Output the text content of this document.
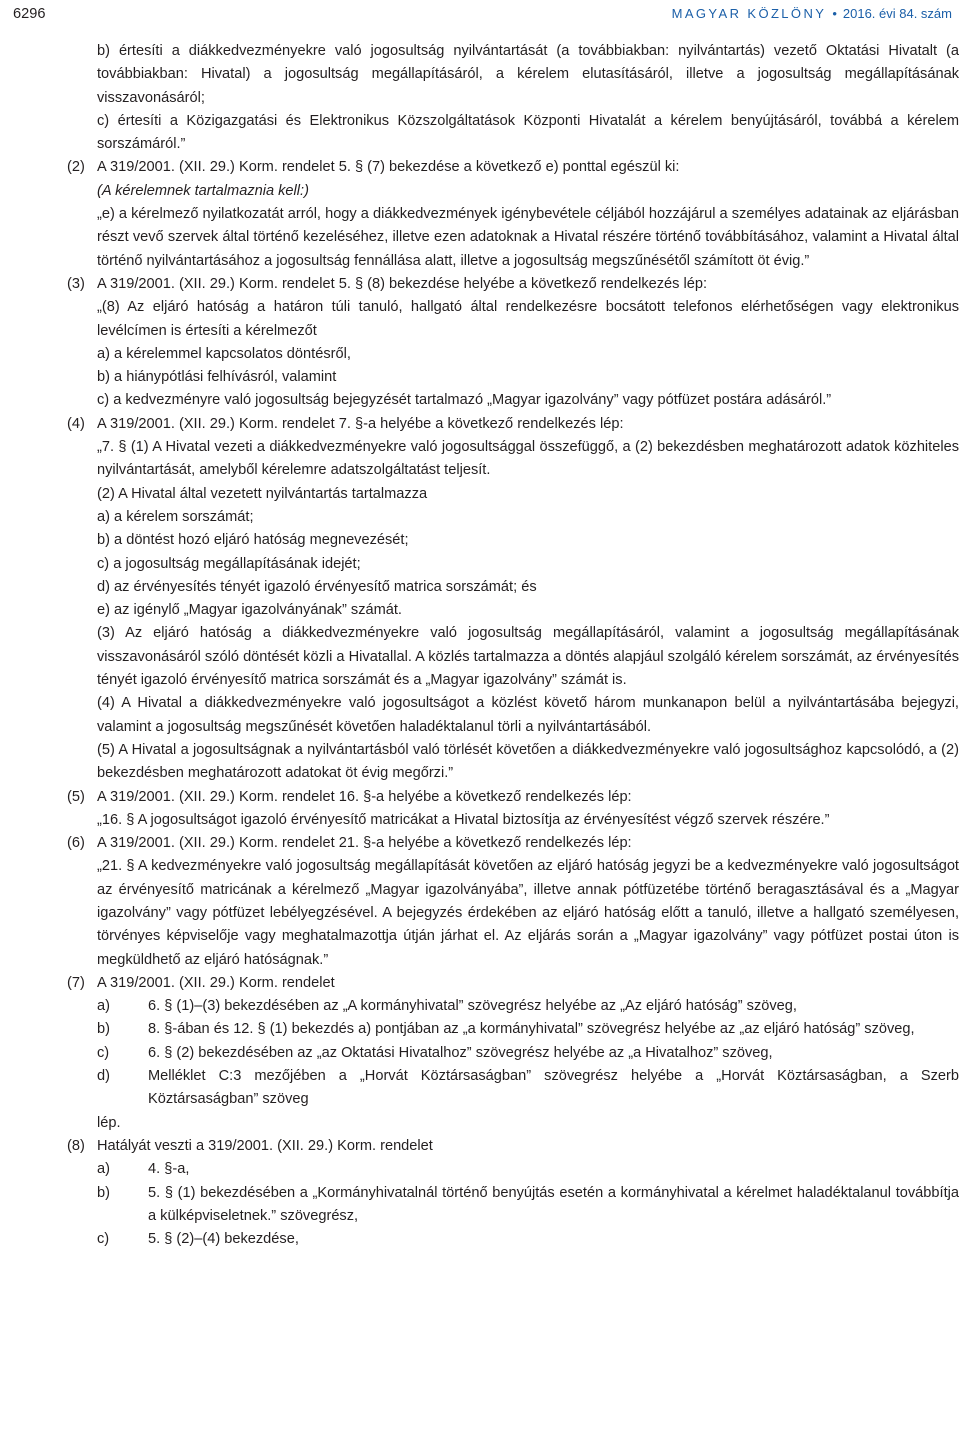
6296	MAGYAR KÖZLÖNY • 2016. évi 84. szám
b) értesíti a diákkedvezményekre való jogosultság nyilvántartását (a továbbiakban: nyilvántartás) vezető Oktatási Hivatalt (a továbbiakban: Hivatal) a jogosultság megállapításáról, a kérelem elutasításáról, illetve a jogosultság megállapításának visszavonásáról;
c) értesíti a Közigazgatási és Elektronikus Közszolgáltatások Központi Hivatalát a kérelem benyújtásáról, továbbá a kérelem sorszámáról.”
(2) A 319/2001. (XII. 29.) Korm. rendelet 5. § (7) bekezdése a következő e) ponttal egészül ki:
(A kérelemnek tartalmaznia kell:)
„e) a kérelmező nyilatkozatát arról, hogy a diákkedvezmények igénybevétele céljából hozzájárul a személyes adatainak az eljárásban részt vevő szervek által történő kezeléséhez, illetve ezen adatoknak a Hivatal részére történő továbbításához, valamint a Hivatal által történő nyilvántartásához a jogosultság fennállása alatt, illetve a jogosultság megszűnésétől számított öt évig.”
(3) A 319/2001. (XII. 29.) Korm. rendelet 5. § (8) bekezdése helyébe a következő rendelkezés lép:
„(8) Az eljáró hatóság a határon túli tanuló, hallgató által rendelkezésre bocsátott telefonos elérhetőségen vagy elektronikus levélcímen is értesíti a kérelmezőt
a) a kérelemmel kapcsolatos döntésről,
b) a hiánypótlási felhívásról, valamint
c) a kedvezményre való jogosultság bejegyzését tartalmazó „Magyar igazolvány” vagy pótfüzet postára adásáról.”
(4) A 319/2001. (XII. 29.) Korm. rendelet 7. §-a helyébe a következő rendelkezés lép:
„7. § (1) A Hivatal vezeti a diákkedvezményekre való jogosultsággal összefüggő, a (2) bekezdésben meghatározott adatok közhiteles nyilvántartását, amelyből kérelemre adatszolgáltatást teljesít.
(2) A Hivatal által vezetett nyilvántartás tartalmazza
a) a kérelem sorszámát;
b) a döntést hozó eljáró hatóság megnevezését;
c) a jogosultság megállapításának idejét;
d) az érvényesítés tényét igazoló érvényesítő matrica sorszámát; és
e) az igénylő „Magyar igazolványának” számát.
(3) Az eljáró hatóság a diákkedvezményekre való jogosultság megállapításáról, valamint a jogosultság megállapításának visszavonásáról szóló döntését közli a Hivatallal. A közlés tartalmazza a döntés alapjául szolgáló kérelem sorszámát, az érvényesítés tényét igazoló érvényesítő matrica sorszámát és a „Magyar igazolvány” számát is.
(4) A Hivatal a diákkedvezményekre való jogosultságot a közlést követő három munkanapon belül a nyilvántartásába bejegyzi, valamint a jogosultság megszűnését követően haladéktalanul törli a nyilvántartásából.
(5) A Hivatal a jogosultságnak a nyilvántartásból való törlését követően a diákkedvezményekre való jogosultsághoz kapcsolódó, a (2) bekezdésben meghatározott adatokat öt évig megőrzi.”
(5) A 319/2001. (XII. 29.) Korm. rendelet 16. §-a helyébe a következő rendelkezés lép:
„16. § A jogosultságot igazoló érvényesítő matricákat a Hivatal biztosítja az érvényesítést végző szervek részére.”
(6) A 319/2001. (XII. 29.) Korm. rendelet 21. §-a helyébe a következő rendelkezés lép:
„21. § A kedvezményekre való jogosultság megállapítását követően az eljáró hatóság jegyzi be a kedvezményekre való jogosultságot az érvényesítő matricának a kérelmező „Magyar igazolványába”, illetve annak pótfüzetébe történő beragasztásával és a „Magyar igazolvány” vagy pótfüzet lebélyegzésével. A bejegyzés érdekében az eljáró hatóság előtt a tanuló, illetve a hallgató személyesen, törvényes képviselője vagy meghatalmazottja útján járhat el. Az eljárás során a „Magyar igazolvány” vagy pótfüzet postai úton is megküldhető az eljáró hatóságnak.”
(7) A 319/2001. (XII. 29.) Korm. rendelet
a)	6. § (1)–(3) bekezdésében az „A kormányhivatal” szövegrész helyébe az „Az eljáró hatóság” szöveg,
b)	8. §-ában és 12. § (1) bekezdés a) pontjában az „a kormányhivatal” szövegrész helyébe az „az eljáró hatóság” szöveg,
c)	6. § (2) bekezdésében az „az Oktatási Hivatalhoz” szövegrész helyébe az „a Hivatalhoz” szöveg,
d)	Melléklet C:3 mezőjében a „Horvát Köztársaságban” szövegrész helyébe a „Horvát Köztársaságban, a Szerb Köztársaságban” szöveg
lép.
(8) Hatályát veszti a 319/2001. (XII. 29.) Korm. rendelet
a)	4. §-a,
b)	5. § (1) bekezdésében a „Kormányhivatalnál történő benyújtás esetén a kormányhivatal a kérelmet haladéktalanul továbbítja a külképviseletnek.” szövegrész,
c)	5. § (2)–(4) bekezdése,
